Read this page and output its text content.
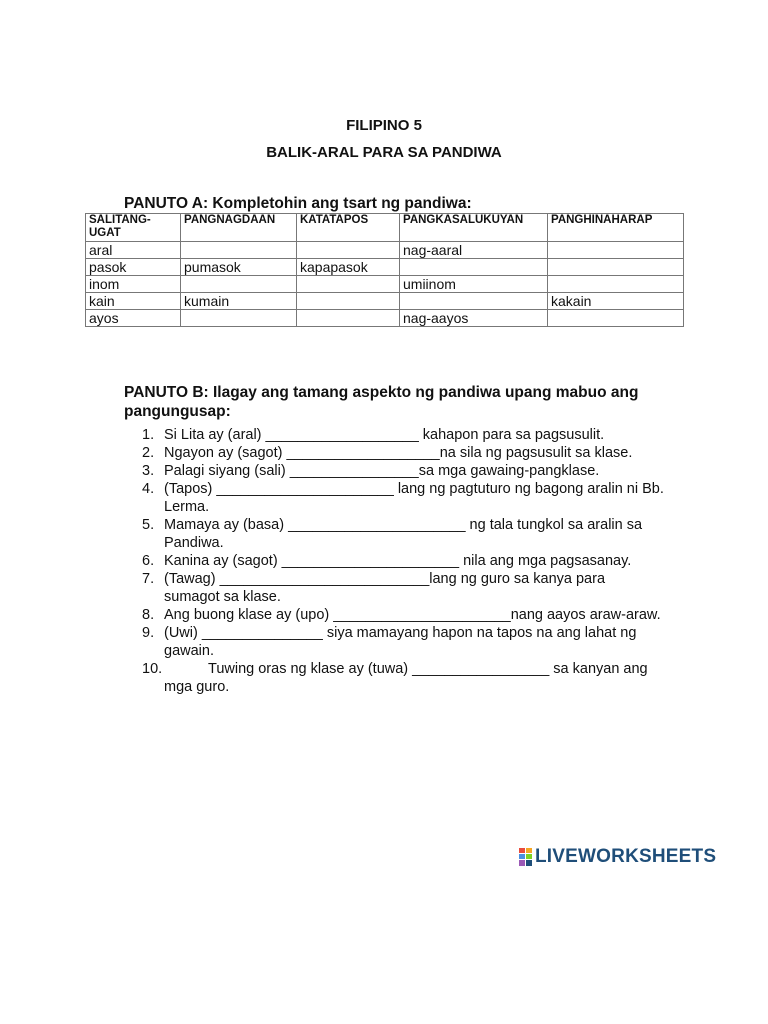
FILIPINO 5
BALIK-ARAL PARA SA PANDIWA
PANUTO A: Kompletohin ang tsart ng pandiwa:
SALITANG-UGAT	PANGNAGDAAN	KATATAPOS	PANGKASALUKUYAN	PANGHINAHARAP
aral			nag-aaral	
pasok	pumasok	kapapasok		
inom			umiinom	
kain	kumain			kakain
ayos			nag-aayos	
PANUTO B: Ilagay ang tamang aspekto ng pandiwa upang mabuo ang pangungusap:
1. Si Lita ay (aral) ___________________ kahapon para sa pagsusulit.
2. Ngayon ay (sagot) ___________________na sila ng pagsusulit sa klase.
3. Palagi siyang (sali) ________________sa mga gawaing-pangklase.
4. (Tapos) ______________________ lang ng pagtuturo ng bagong aralin ni Bb. Lerma.
5. Mamaya ay (basa) ______________________ ng tala tungkol sa aralin sa Pandiwa.
6. Kanina ay (sagot) ______________________ nila ang mga pagsasanay.
7. (Tawag) __________________________lang ng guro sa kanya para sumagot sa klase.
8. Ang buong klase ay (upo) ______________________nang aayos araw-araw.
9. (Uwi) _______________ siya mamayang hapon na tapos na ang lahat ng gawain.
10.	Tuwing oras ng klase ay (tuwa) _________________ sa kanyan ang mga guro.
LIVEWORKSHEETS
